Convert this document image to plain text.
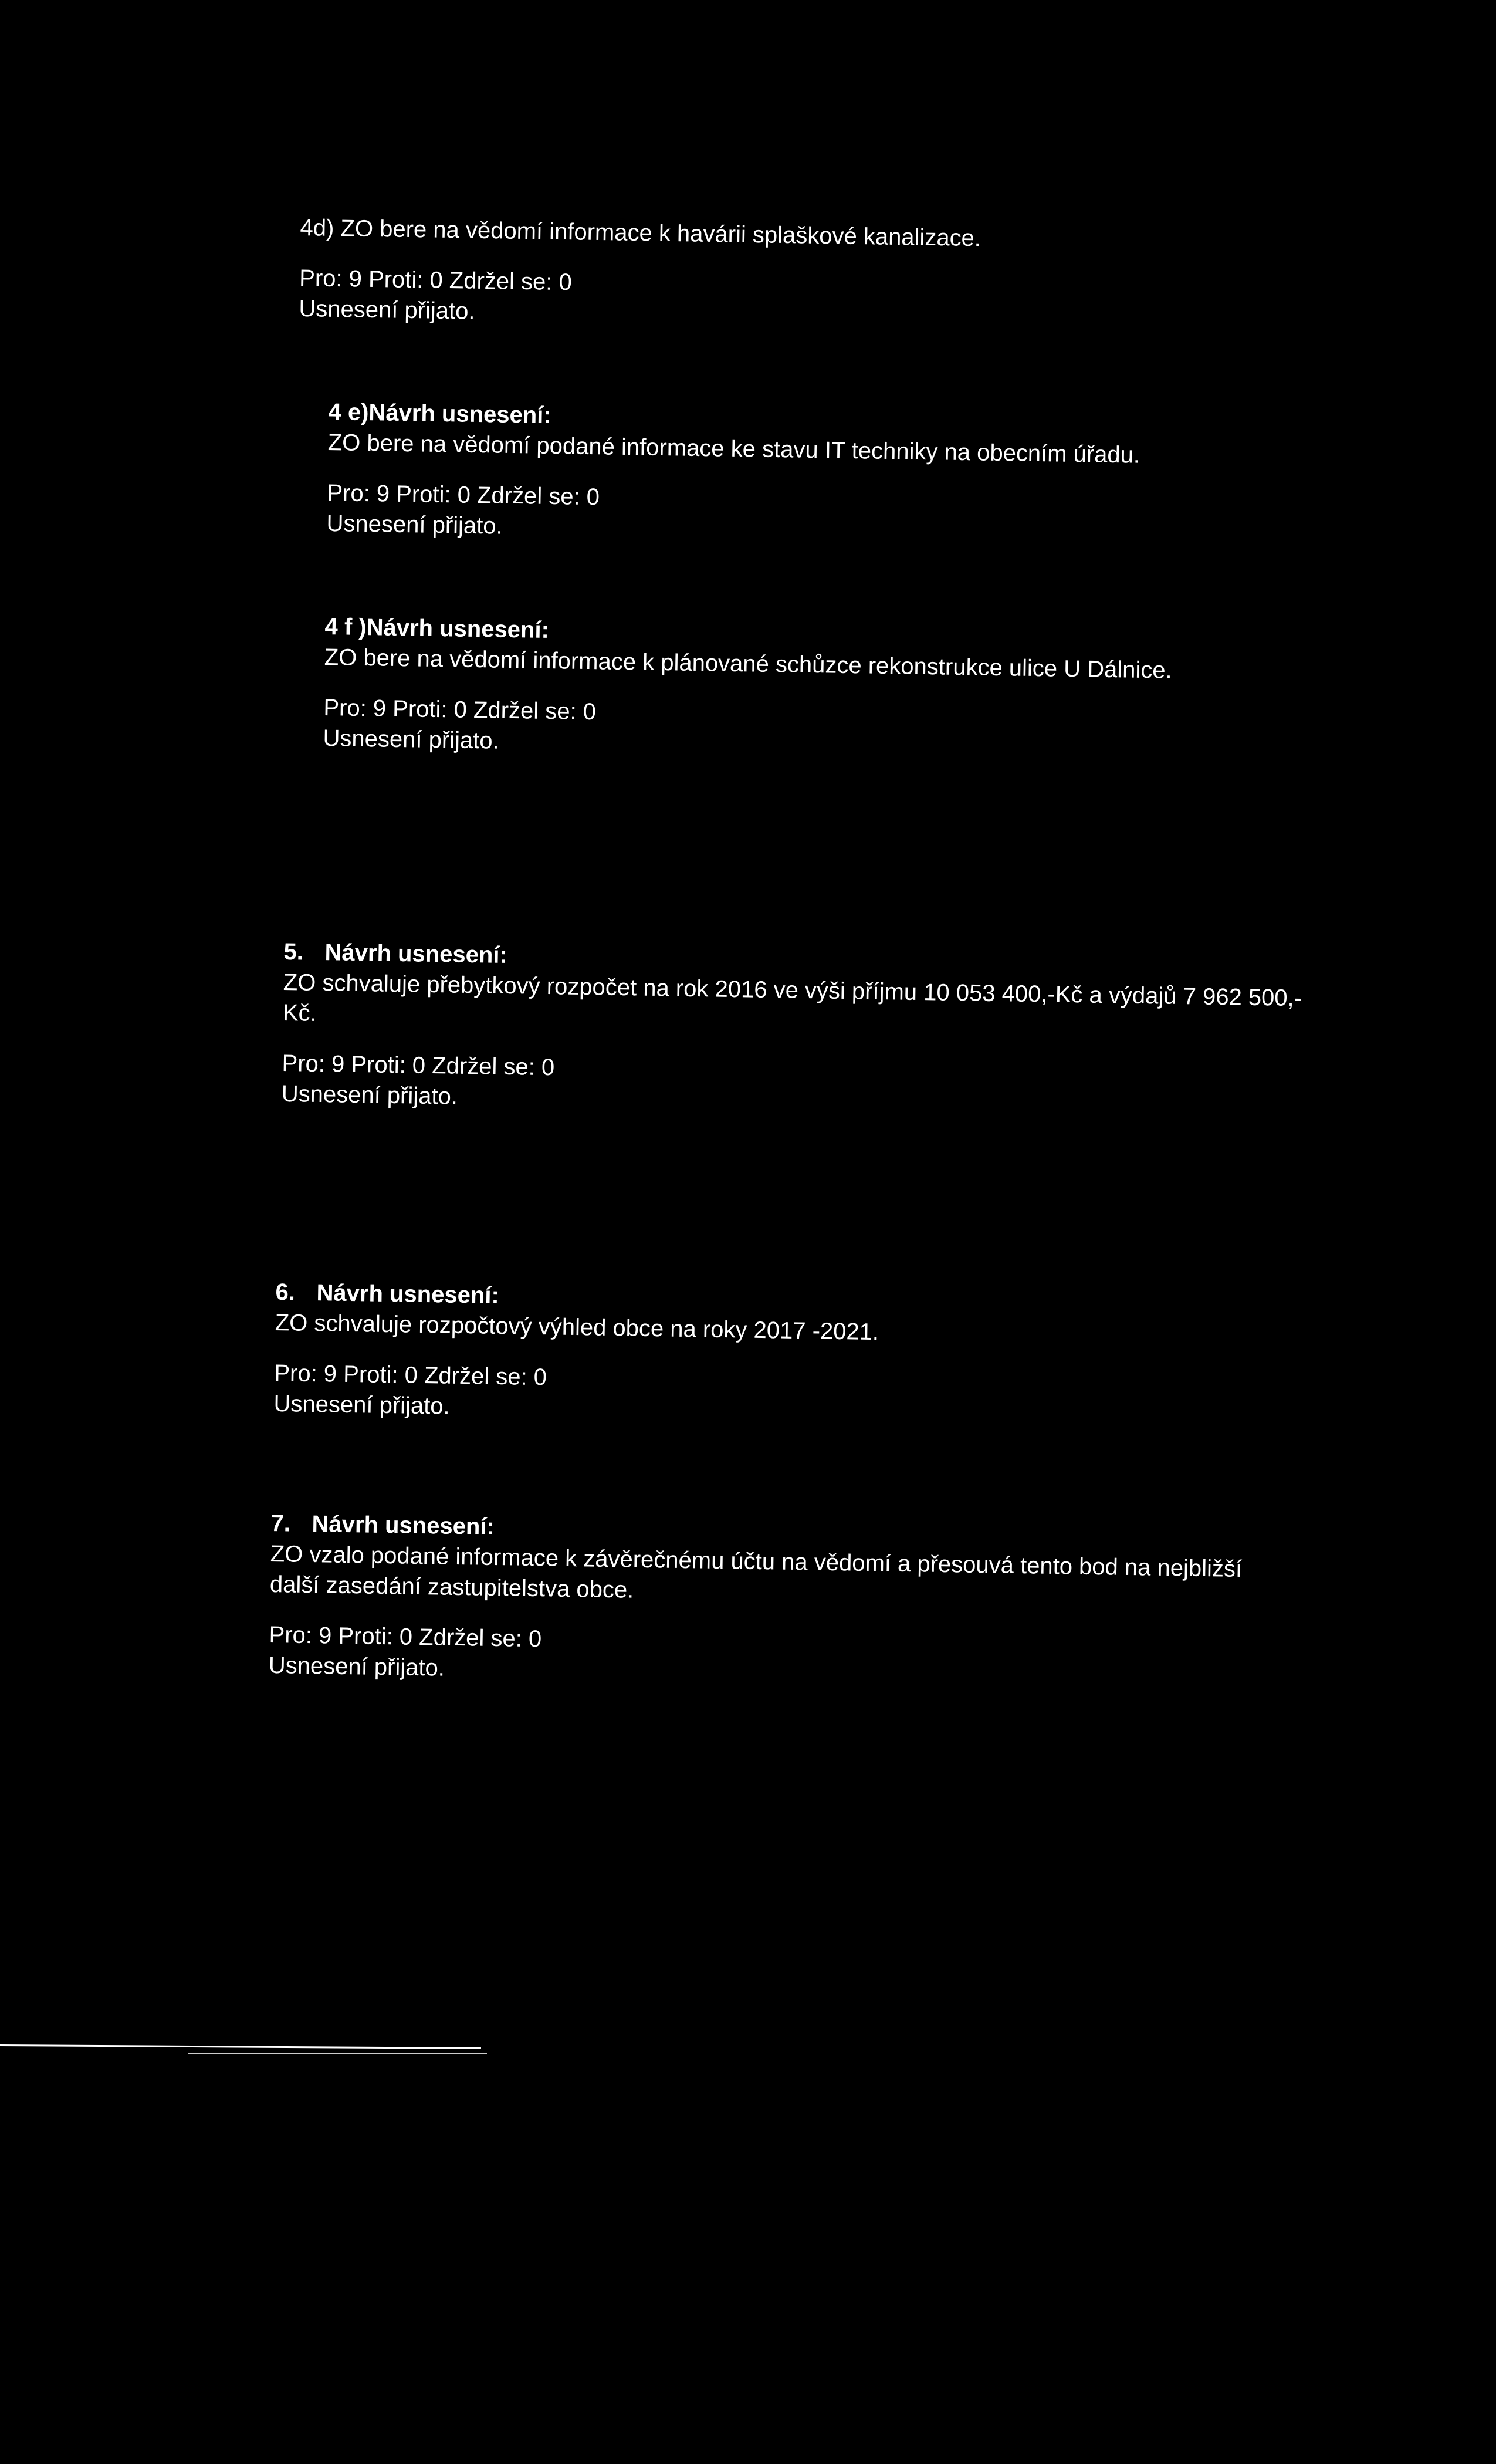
4d) ZO bere na vědomí informace k havárii splaškové kanalizace.

Pro: 9 Proti: 0 Zdržel se: 0

Usnesení přijato.

4 e)Návrh usnesení:

ZO bere na vědomí podané informace ke stavu IT techniky na obecním úřadu.

Pro: 9 Proti: 0 Zdržel se: 0

Usnesení přijato.

4 f )Návrh usnesení:

ZO bere na vědomí informace k plánované schůzce rekonstrukce ulice U Dálnice.

Pro: 9 Proti: 0 Zdržel se: 0

Usnesení přijato.

5. Návrh usnesení:

ZO schvaluje přebytkový rozpočet na rok 2016 ve výši příjmu 10 053 400,-Kč a výdajů 7 962 500,-Kč.

Pro: 9 Proti: 0 Zdržel se: 0

Usnesení přijato.

6. Návrh usnesení:

ZO schvaluje rozpočtový výhled obce na roky 2017 -2021.

Pro: 9 Proti: 0 Zdržel se: 0

Usnesení přijato.

7. Návrh usnesení:

ZO vzalo podané informace k závěrečnému účtu na vědomí a přesouvá tento bod na nejbližší další zasedání zastupitelstva obce.

Pro: 9 Proti: 0 Zdržel se: 0

Usnesení přijato.
